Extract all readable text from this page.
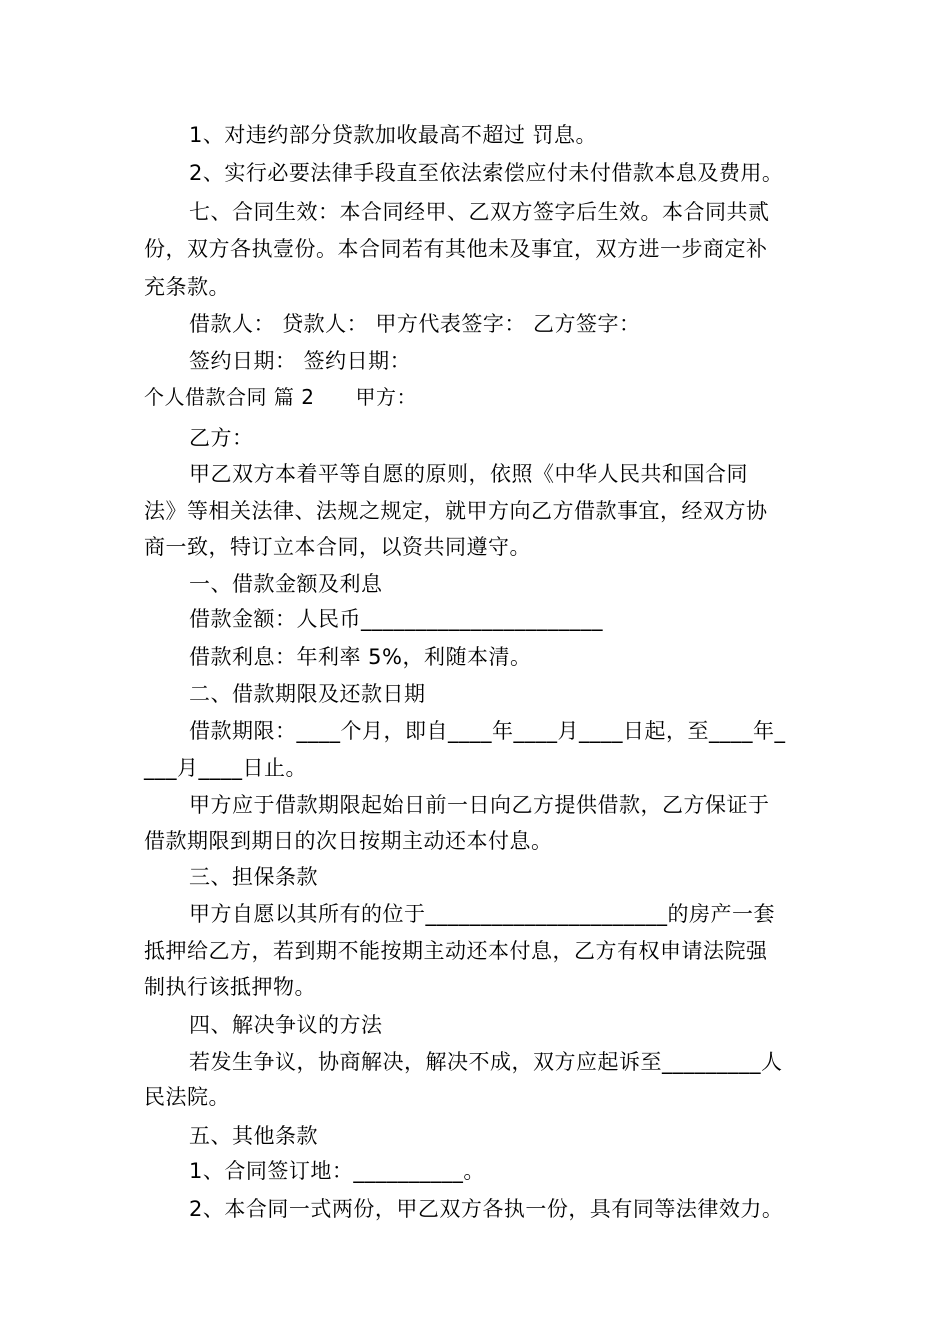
1、对违约部分贷款加收最高不超过 罚息。
2、实行必要法律手段直至依法索偿应付未付借款本息及费用。
七、合同生效：本合同经甲、乙双方签字后生效。本合同共贰
份，双方各执壹份。本合同若有其他未及事宜，双方进一步商定补
充条款。
借款人： 贷款人： 甲方代表签字： 乙方签字：
签约日期： 签约日期：
个人借款合同 篇 2　　甲方：
乙方：
甲乙双方本着平等自愿的原则，依照《中华人民共和国合同
法》等相关法律、法规之规定，就甲方向乙方借款事宜，经双方协
商一致，特订立本合同，以资共同遵守。
一、借款金额及利息
借款金额：人民币______________________
借款利息：年利率 5%，利随本清。
二、借款期限及还款日期
借款期限：____个月，即自____年____月____日起，至____年_
___月____日止。
甲方应于借款期限起始日前一日向乙方提供借款，乙方保证于
借款期限到期日的次日按期主动还本付息。
三、担保条款
甲方自愿以其所有的位于______________________的房产一套
抵押给乙方，若到期不能按期主动还本付息，乙方有权申请法院强
制执行该抵押物。
四、解决争议的方法
若发生争议，协商解决，解决不成，双方应起诉至_________人
民法院。
五、其他条款
1、合同签订地：__________。
2、本合同一式两份，甲乙双方各执一份，具有同等法律效力。
